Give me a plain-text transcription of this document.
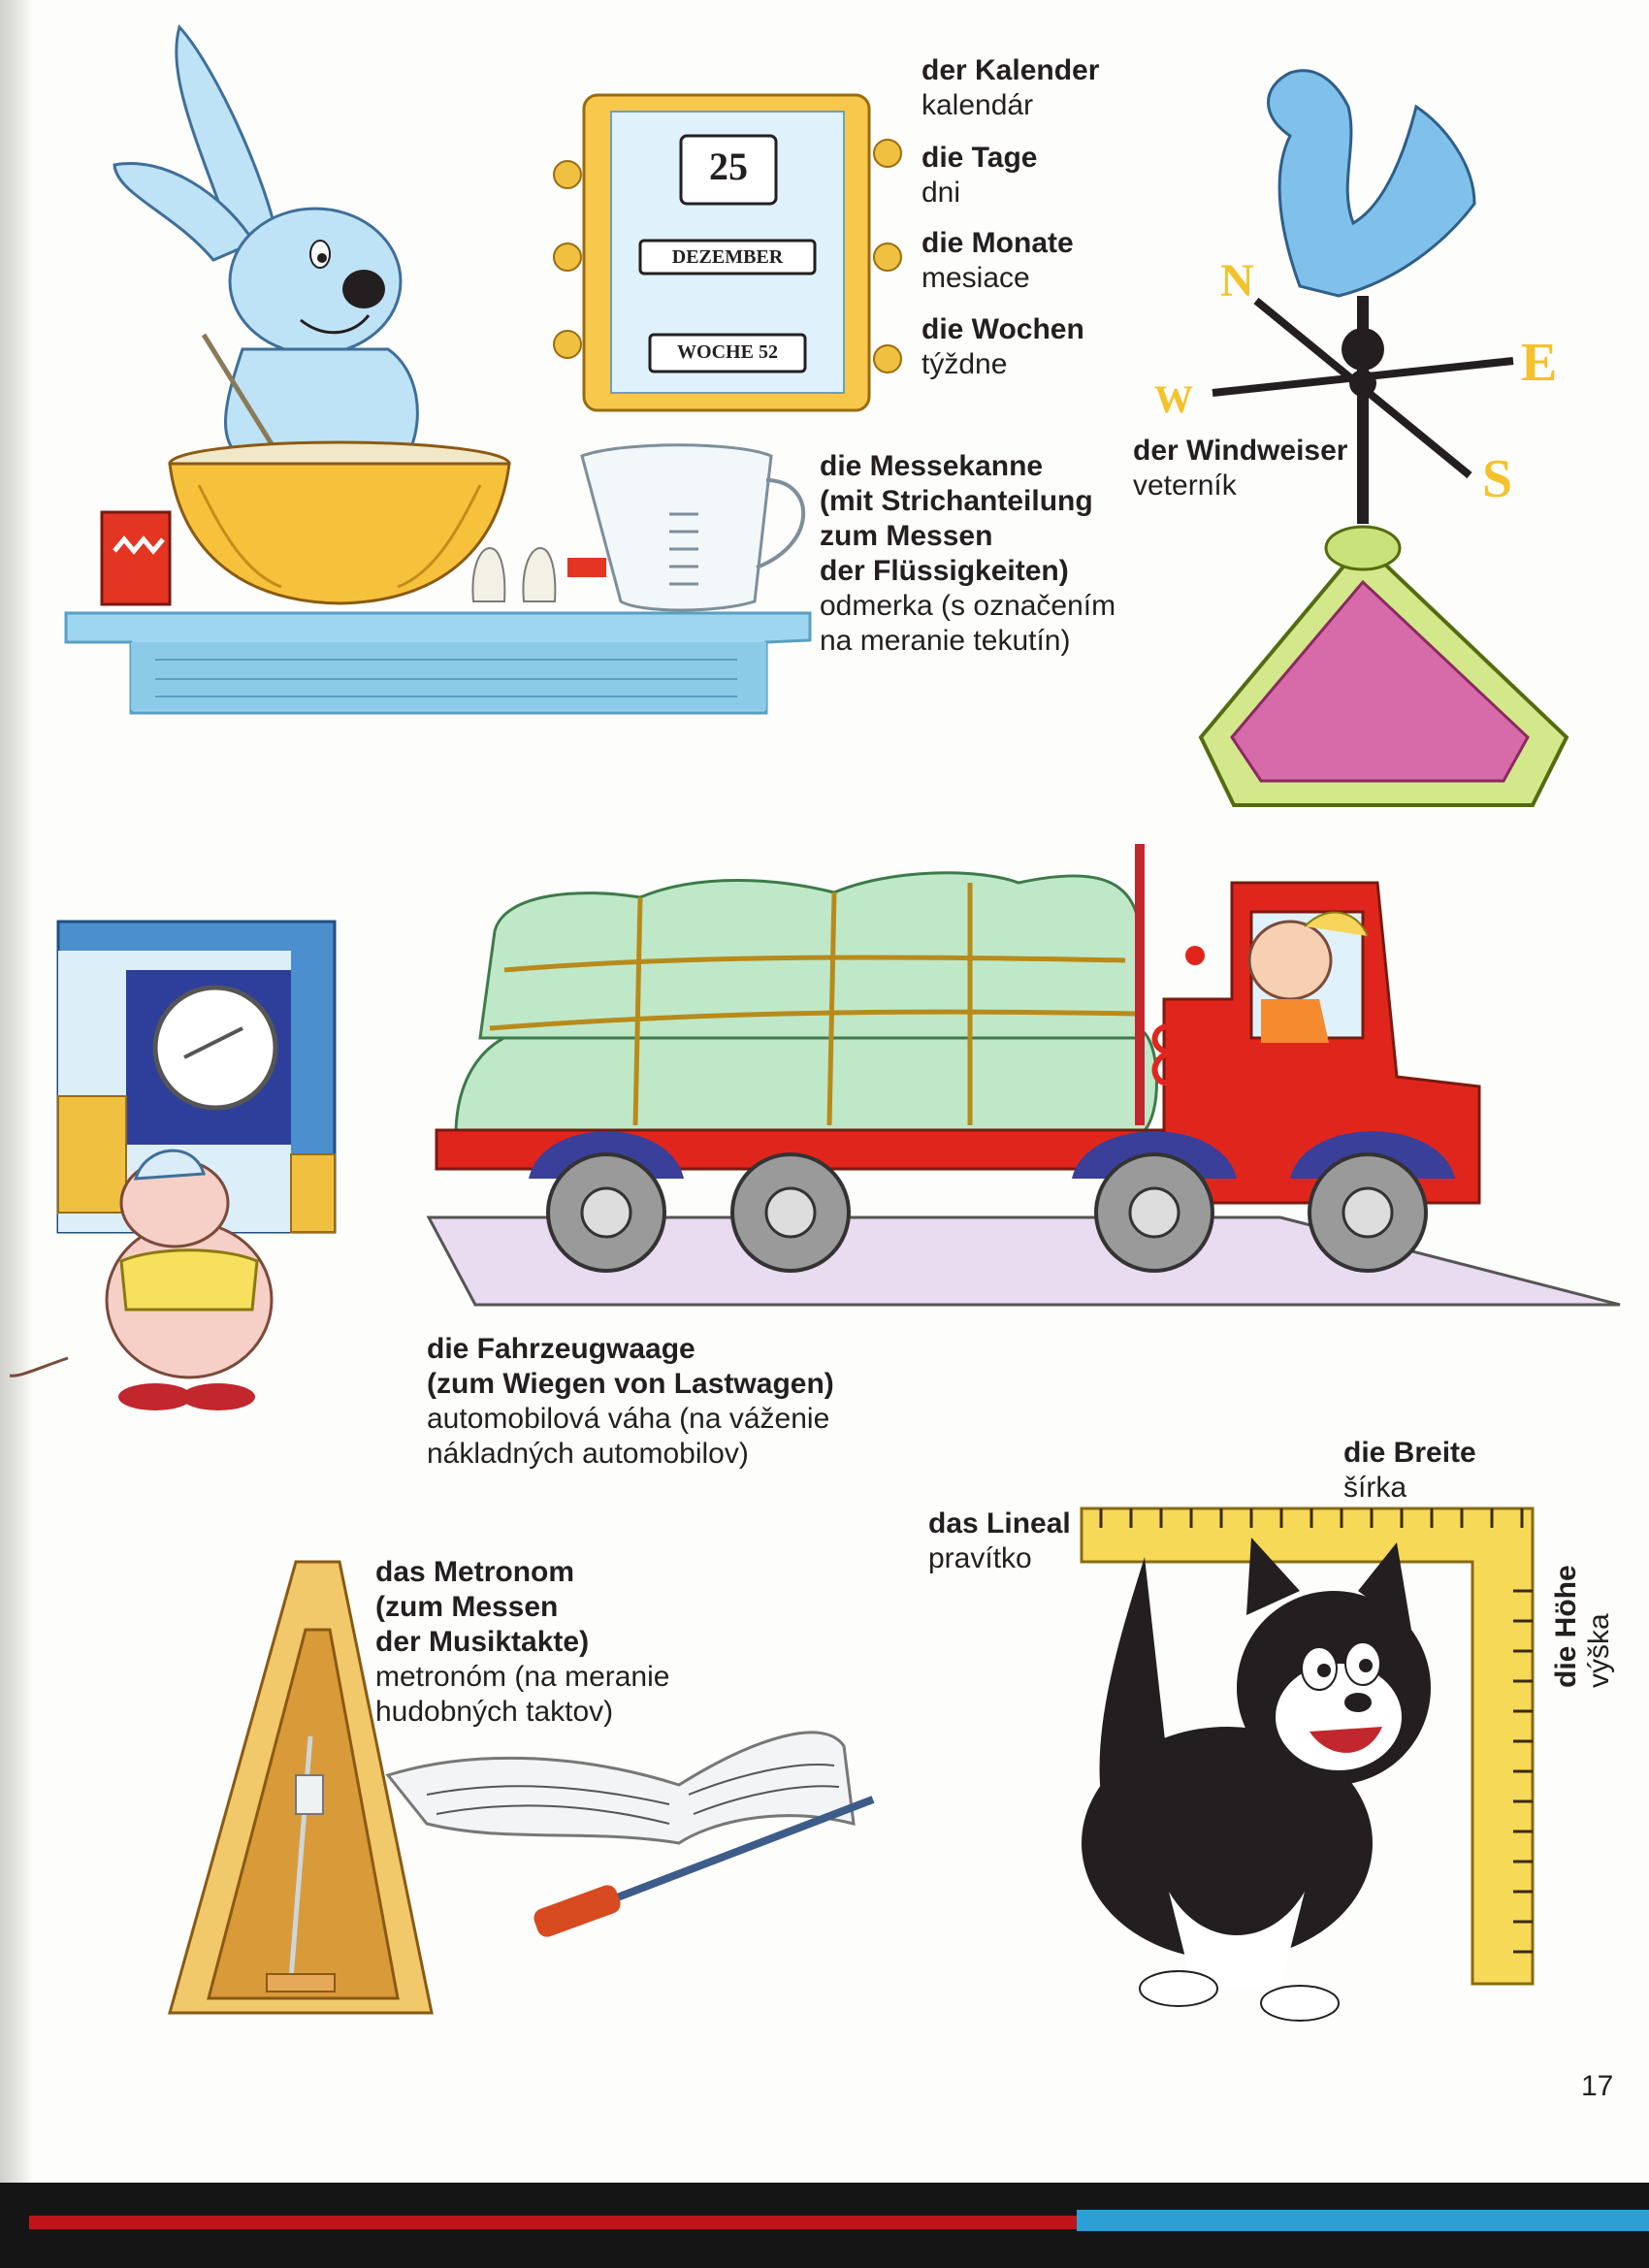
25
DEZEMBER
WOCHE 52
N
E
S
W
der Kalender
kalendár
die Tage
dni
die Monate
mesiace
die Wochen
týždne
der Windweiser
veterník
die Messekanne
(mit Strichanteilung
zum Messen
der Flüssigkeiten)
odmerka (s označením
na meranie tekutín)
die Fahrzeugwaage
(zum Wiegen von Lastwagen)
automobilová váha (na váženie
nákladných automobilov)	die Breite
šírka
das Lineal
pravítko
das Metronom
(zum Messen
der Musiktakte)
metronóm (na meranie
hudobných taktov)
die Höhe výška
17
